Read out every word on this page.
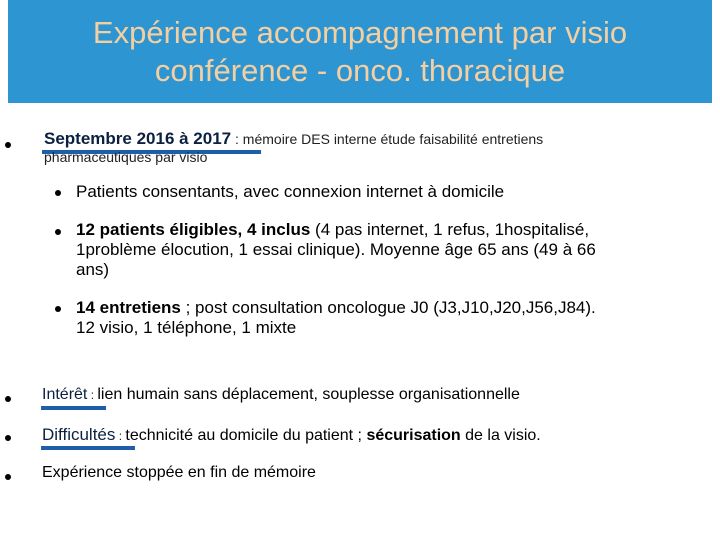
Expérience accompagnement par visio
conférence - onco. thoracique
Septembre 2016 à 2017 : mémoire DES interne étude faisabilité entretiens
pharmaceutiques par visio
Patients consentants, avec connexion internet à domicile
12 patients éligibles, 4 inclus (4 pas internet, 1 refus, 1hospitalisé,
1problème élocution, 1 essai clinique). Moyenne âge 65 ans (49 à 66
ans)
14 entretiens ; post consultation oncologue J0 (J3,J10,J20,J56,J84).
12 visio, 1 téléphone, 1 mixte
Intérêt : lien humain sans déplacement, souplesse organisationnelle
Difficultés : technicité au domicile du patient ; sécurisation de la visio.
Expérience stoppée en fin de mémoire
